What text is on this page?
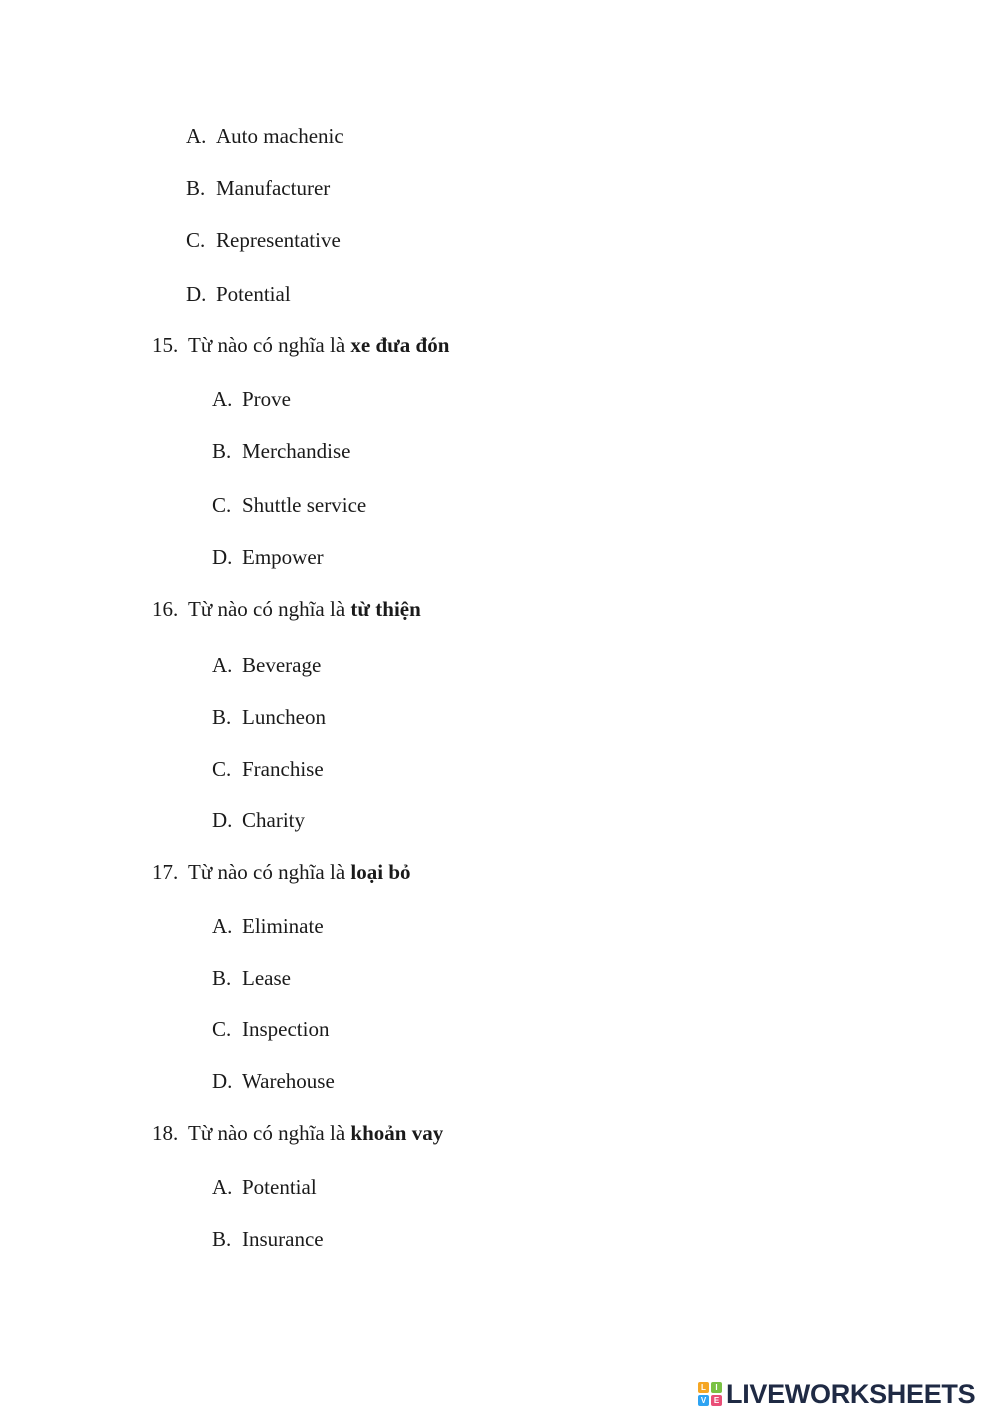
A. Auto machenic
B. Manufacturer
C. Representative
D. Potential
15. Từ nào có nghĩa là xe đưa đón
A. Prove
B. Merchandise
C. Shuttle service
D. Empower
16. Từ nào có nghĩa là từ thiện
A. Beverage
B. Luncheon
C. Franchise
D. Charity
17. Từ nào có nghĩa là loại bỏ
A. Eliminate
B. Lease
C. Inspection
D. Warehouse
18. Từ nào có nghĩa là khoản vay
A. Potential
B. Insurance
L	I
V E LIVEWORKSHEETS
